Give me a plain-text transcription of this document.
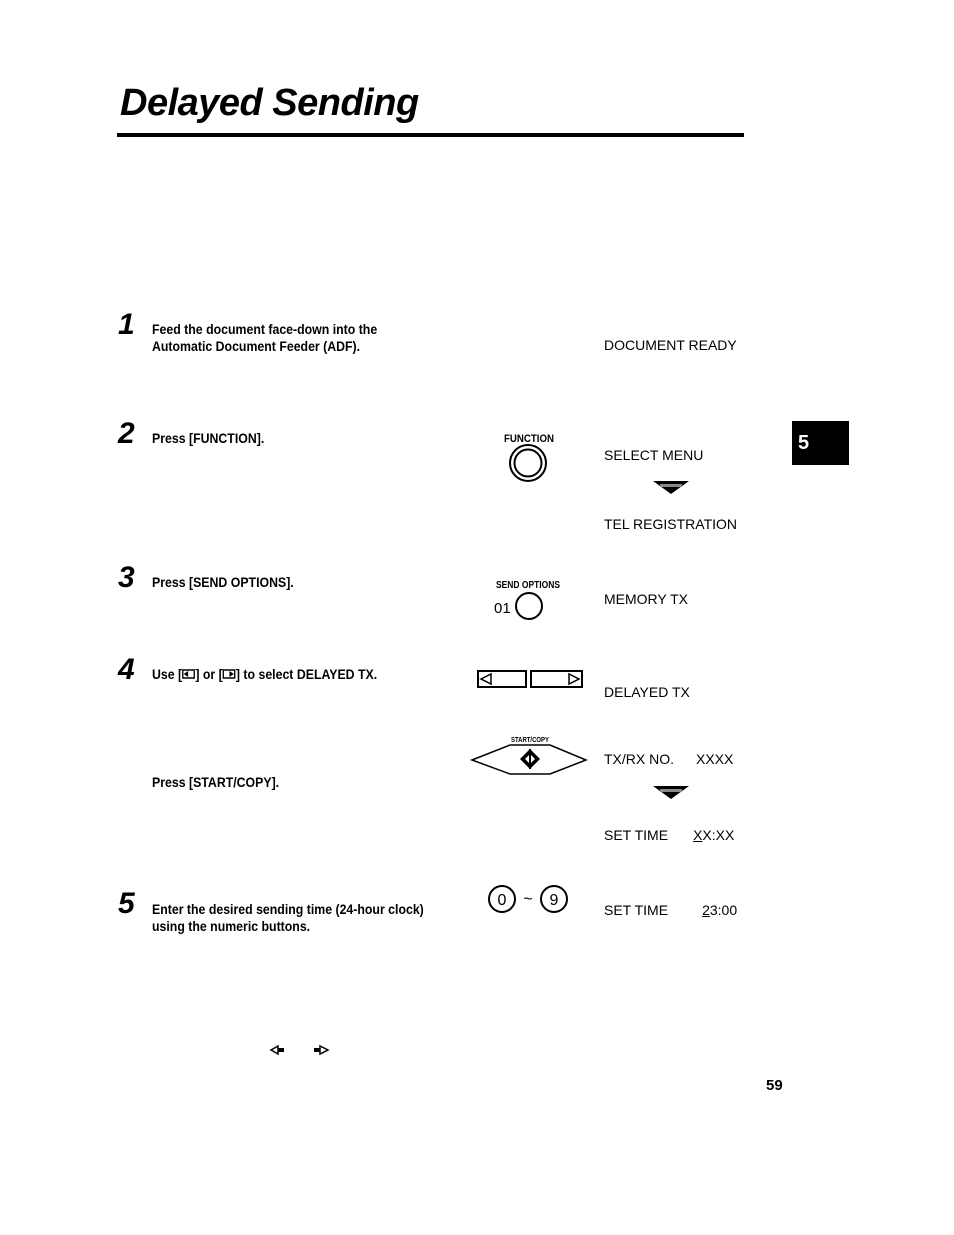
Delayed Sending
5
1 Feed the document face-down into the
Automatic Document Feeder (ADF).	DOCUMENT READY
2 Press [FUNCTION].	FUNCTION
SELECT MENU
TEL REGISTRATION
3 Press [SEND OPTIONS].	SEND OPTIONS
01
MEMORY TX
4 Use [ ] or [ ] to select DELAYED TX.
DELAYED TX
Press [START/COPY].
START/COPY
TX/RX NO. XXXX
SET TIME XX:XX
5 Enter the desired sending time (24-hour clock)
using the numeric buttons.
0 ~ 9
SET TIME 23:00
59
